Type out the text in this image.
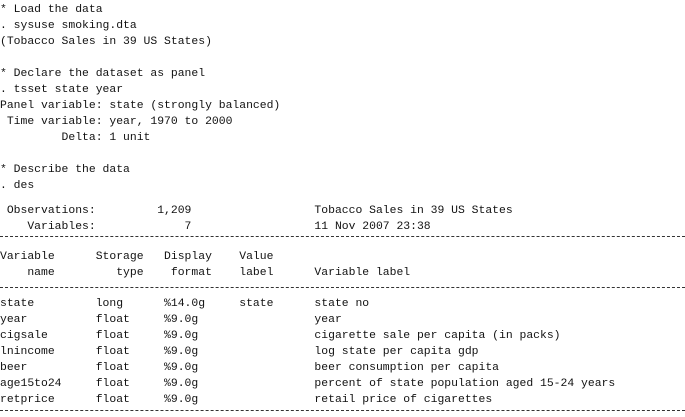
* Load the data
. sysuse smoking.dta
(Tobacco Sales in 39 US States)
* Declare the dataset as panel
. tsset state year
Panel variable: state (strongly balanced)
Time variable: year, 1970 to 2000
Delta: 1 unit
* Describe the data
. des
Observations:         1,209                  Tobacco Sales in 39 US States
Variables:             7                  11 Nov 2007 23:38
Variable      Storage   Display    Value
name         type    format    label      Variable label
state         long      %14.0g     state      state no
year          float     %9.0g                 year
cigsale       float     %9.0g                 cigarette sale per capita (in packs)
lnincome      float     %9.0g                 log state per capita gdp
beer          float     %9.0g                 beer consumption per capita
age15to24     float     %9.0g                 percent of state population aged 15-24 years
retprice      float     %9.0g                 retail price of cigarettes
